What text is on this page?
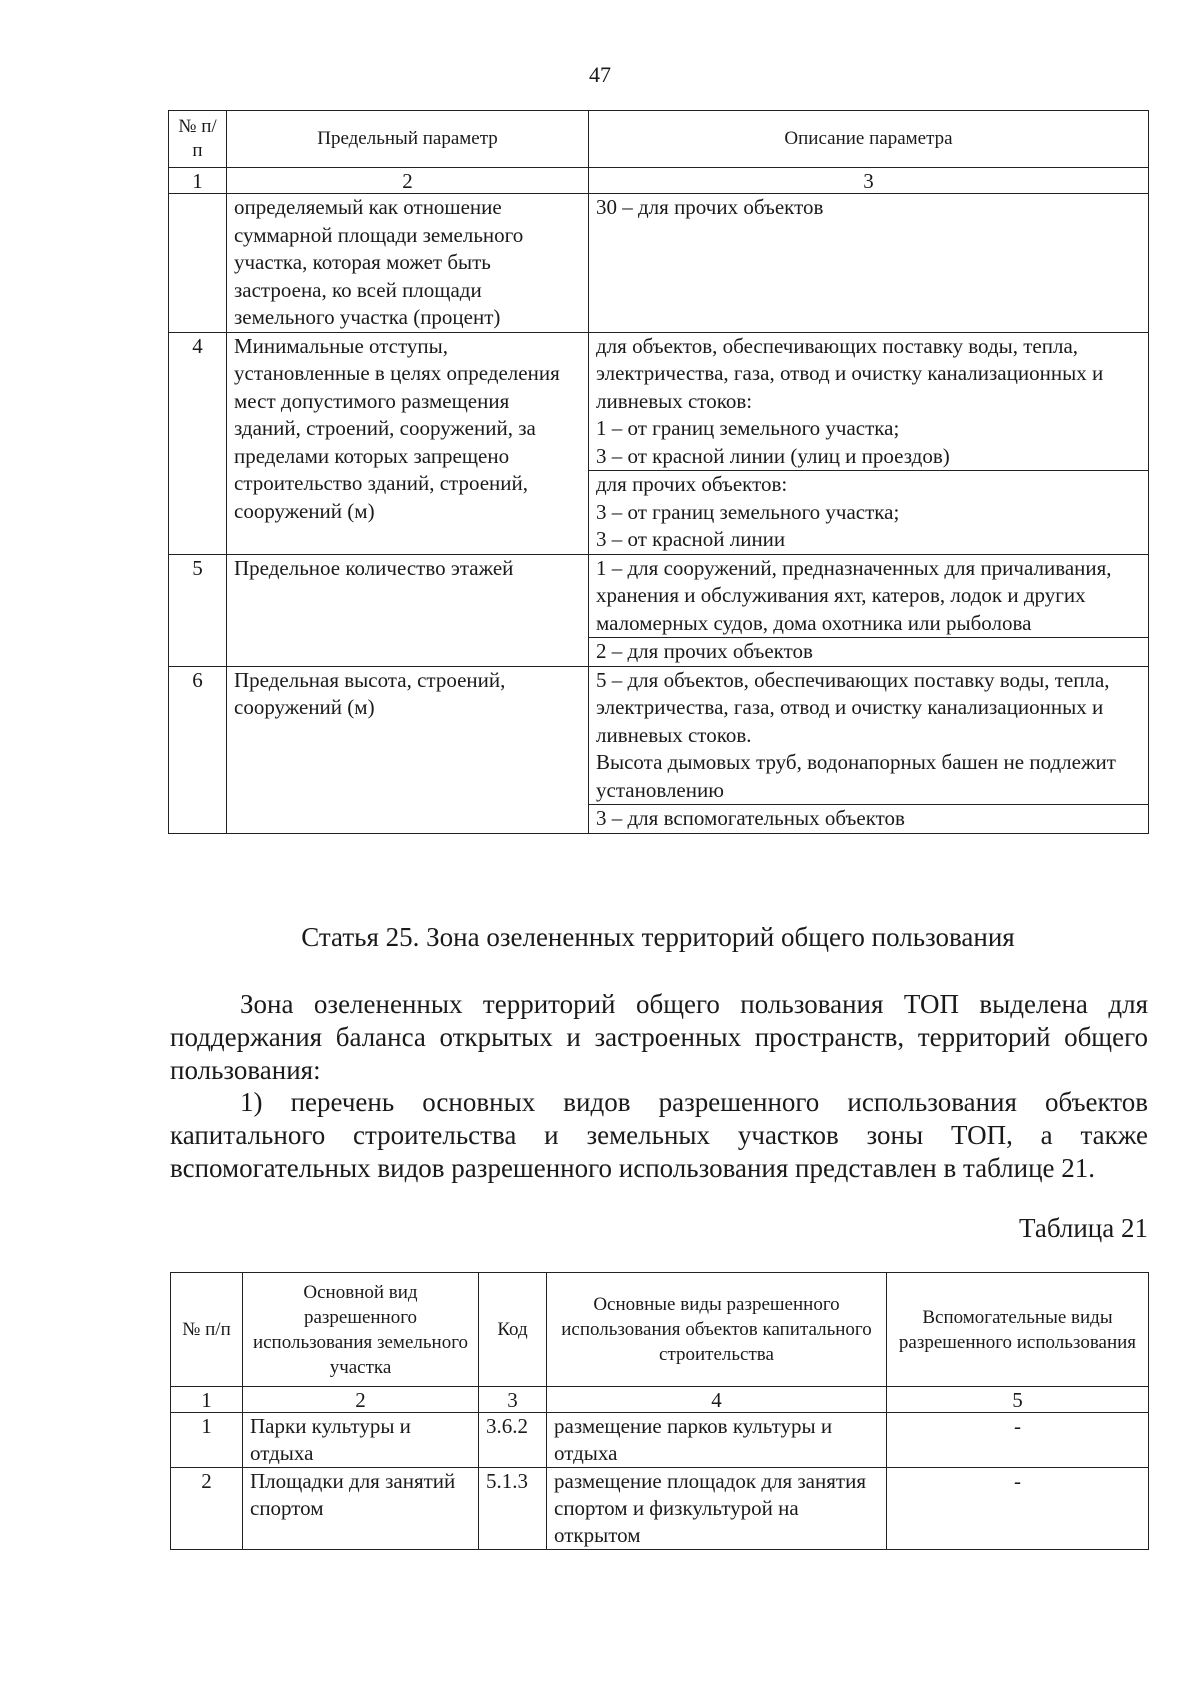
47
№ п/п	Предельный параметр	Описание параметра
1	2	3
	определяемый как отношение суммарной площади земельного участка, которая может быть застроена, ко всей площади земельного участка (процент)	30 – для прочих объектов
4	Минимальные отступы, установленные в целях определения мест допустимого размещения зданий, строений, сооружений, за пределами которых запрещено строительство зданий, строений, сооружений (м)	для объектов, обеспечивающих поставку воды, тепла, электричества, газа, отвод и очистку канализационных и ливневых стоков:
1 – от границ земельного участка;
3 – от красной линии (улиц и проездов)

		для прочих объектов:
3 – от границ земельного участка;
3 – от красной линии

5	Предельное количество этажей	1 – для сооружений, предназначенных для причаливания, хранения и обслуживания яхт, катеров, лодок и других маломерных судов, дома охотника или рыболова
		2 – для прочих объектов
6	Предельная высота, строений, сооружений (м)	5 – для объектов, обеспечивающих поставку воды, тепла, электричества, газа, отвод и очистку канализационных и ливневых стоков.
Высота дымовых труб, водонапорных башен не подлежит установлению

		3 – для вспомогательных объектов
Статья 25. Зона озелененных территорий общего пользования
Зона озелененных территорий общего пользования ТОП выделена для поддержания баланса открытых и застроенных пространств, территорий общего пользования:
1) перечень основных видов разрешенного использования объектов капитального строительства и земельных участков зоны ТОП, а также вспомогательных видов разрешенного использования представлен в таблице 21.
Таблица 21
№ п/п	Основной вид разрешенного использования земельного участка	Код	Основные виды разрешенного использования объектов капитального строительства	Вспомогательные виды разрешенного использования
1	2	3	4	5
1	Парки культуры и отдыха	3.6.2	размещение парков культуры и отдыха	-
2	Площадки для занятий спортом	5.1.3	размещение площадок для занятия спортом и физкультурой на открытом	-
